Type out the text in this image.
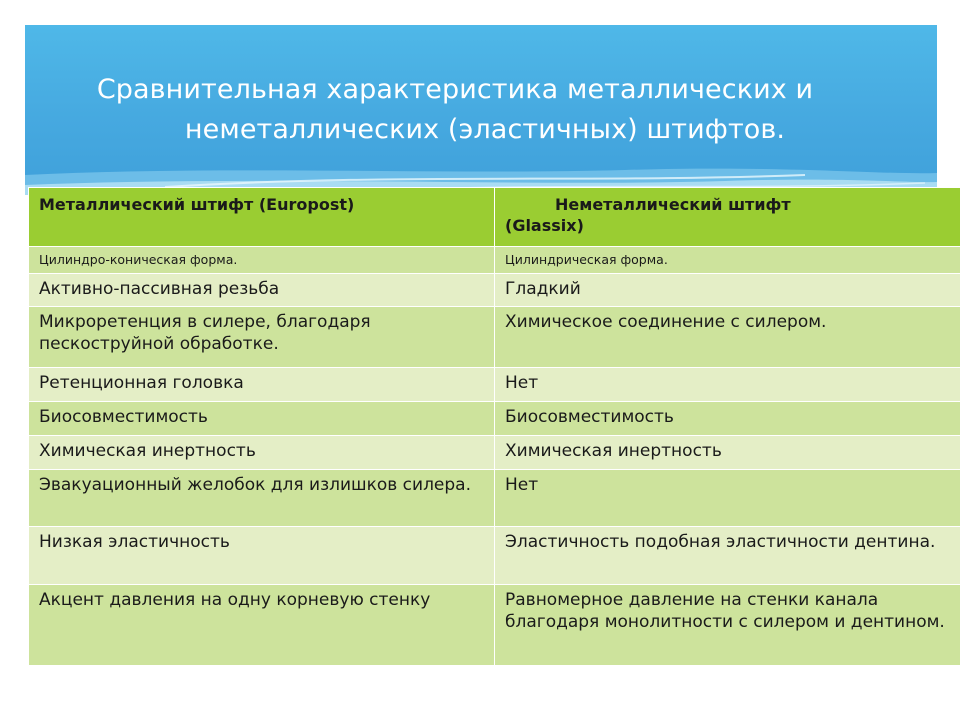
Сравнительная характеристика металлических и
неметаллических (эластичных) штифтов.
Металлический штифт (Europost)	Неметаллический штифт
(Glassix)
Цилиндро-коническая форма.	Цилиндрическая форма.
Активно-пассивная резьба	Гладкий
Микроретенция в силере, благодаря пескоструйной обработке.	Химическое соединение с силером.
Ретенционная головка	Нет
Биосовместимость	Биосовместимость
Химическая инертность	Химическая инертность
Эвакуационный желобок для излишков силера.	Нет
Низкая эластичность	Эластичность подобная эластичности дентина.
Акцент давления на одну корневую стенку	Равномерное давление на стенки канала благодаря монолитности с силером и дентином.
